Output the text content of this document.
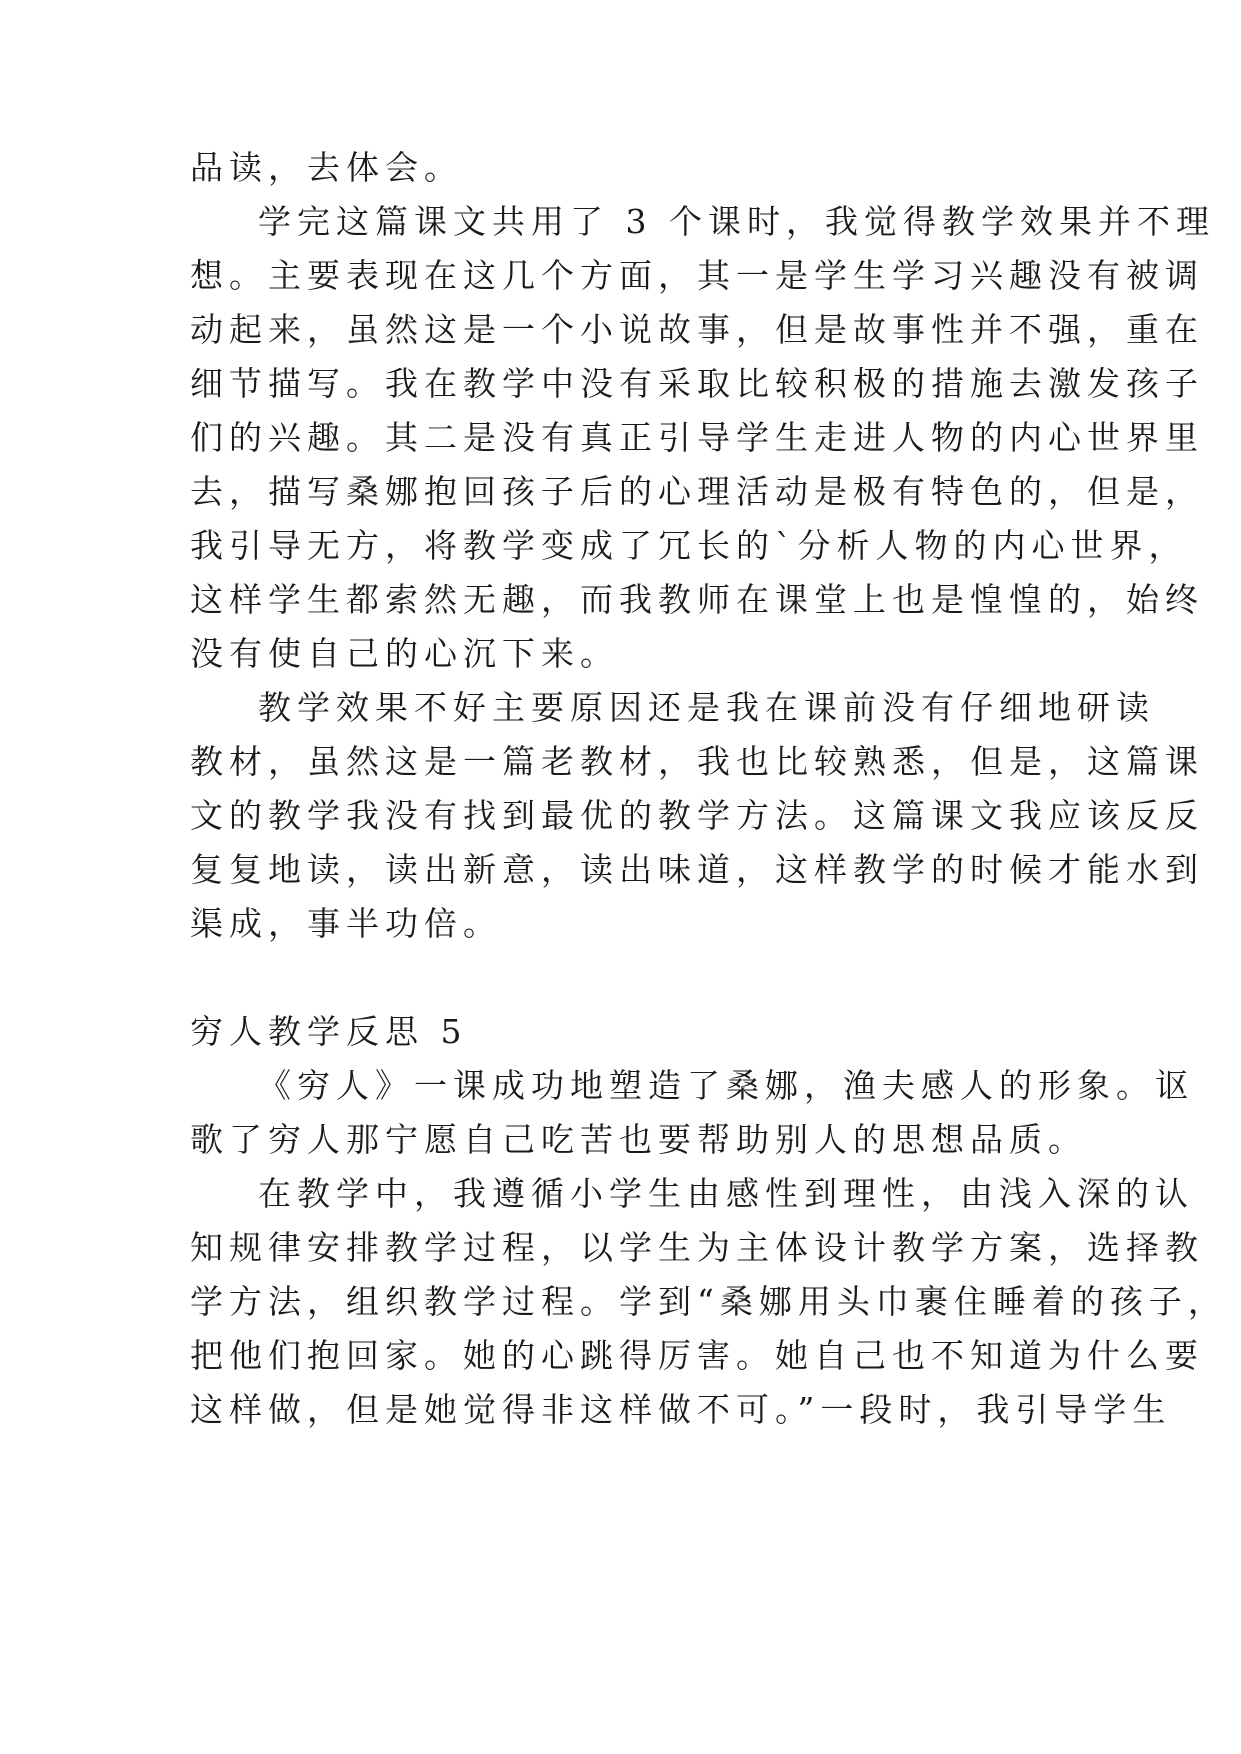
品读，去体会。
学完这篇课文共用了 3 个课时，我觉得教学效果并不理
想。主要表现在这几个方面，其一是学生学习兴趣没有被调
动起来，虽然这是一个小说故事，但是故事性并不强，重在
细节描写。我在教学中没有采取比较积极的措施去激发孩子
们的兴趣。其二是没有真正引导学生走进人物的内心世界里
去，描写桑娜抱回孩子后的心理活动是极有特色的，但是，
我引导无方，将教学变成了冗长的`分析人物的内心世界，
这样学生都索然无趣，而我教师在课堂上也是惶惶的，始终
没有使自己的心沉下来。
教学效果不好主要原因还是我在课前没有仔细地研读
教材，虽然这是一篇老教材，我也比较熟悉，但是，这篇课
文的教学我没有找到最优的教学方法。这篇课文我应该反反
复复地读，读出新意，读出味道，这样教学的时候才能水到
渠成，事半功倍。
穷人教学反思 5
《穷人》一课成功地塑造了桑娜，渔夫感人的形象。讴
歌了穷人那宁愿自己吃苦也要帮助别人的思想品质。
在教学中，我遵循小学生由感性到理性，由浅入深的认
知规律安排教学过程，以学生为主体设计教学方案，选择教
学方法，组织教学过程。学到“桑娜用头巾裹住睡着的孩子，
把他们抱回家。她的心跳得厉害。她自己也不知道为什么要
这样做，但是她觉得非这样做不可。”一段时，我引导学生
